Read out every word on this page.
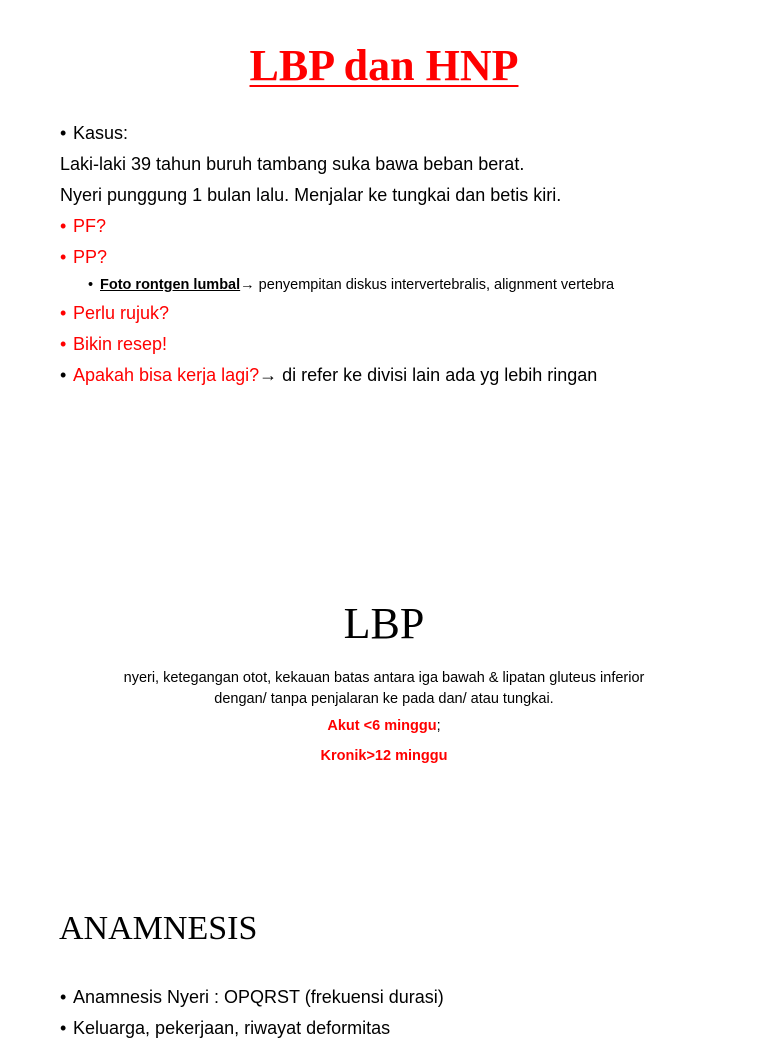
LBP dan HNP
• Kasus:
Laki-laki 39 tahun buruh tambang suka bawa beban berat.
Nyeri punggung 1 bulan lalu. Menjalar ke tungkai dan betis kiri.
• PF?
• PP?
• Foto rontgen lumbal→ penyempitan diskus intervertebralis, alignment vertebra
• Perlu rujuk?
• Bikin resep!
• Apakah bisa kerja lagi?→ di refer ke divisi lain ada yg lebih ringan
LBP
nyeri, ketegangan otot, kekauan batas antara iga bawah & lipatan gluteus inferior
dengan/ tanpa penjalaran ke pada dan/ atau tungkai.
Akut <6 minggu;
Kronik>12 minggu
ANAMNESIS
• Anamnesis Nyeri : OPQRST (frekuensi durasi)
• Keluarga, pekerjaan, riwayat deformitas
